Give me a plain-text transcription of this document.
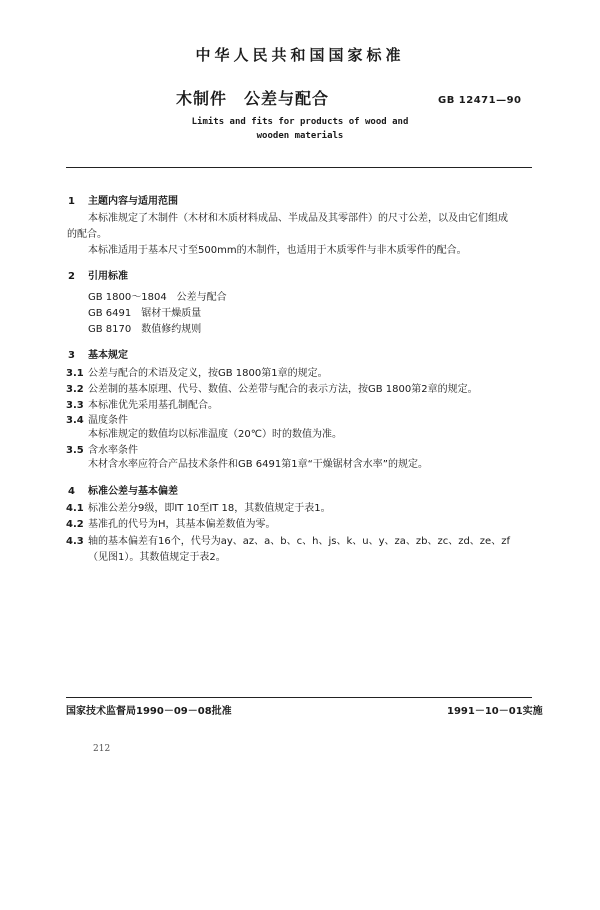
中华人民共和国国家标准
木制件　公差与配合	GB 12471—90
Limits and fits for products of wood and
wooden materials
1 主题内容与适用范围
本标准规定了木制件（木材和木质材料成品、半成品及其零部件）的尺寸公差，以及由它们组成
的配合。
本标准适用于基本尺寸至500mm的木制件，也适用于木质零件与非木质零件的配合。
2 引用标准
GB 1800～1804　公差与配合
GB 6491　锯材干燥质量
GB 8170　数值修约规则
3 基本规定
3.1 公差与配合的术语及定义，按GB 1800第1章的规定。
3.2 公差制的基本原理、代号、数值、公差带与配合的表示方法，按GB 1800第2章的规定。
3.3 本标准优先采用基孔制配合。
3.4 温度条件
本标准规定的数值均以标准温度（20℃）时的数值为准。
3.5 含水率条件
木材含水率应符合产品技术条件和GB 6491第1章“干燥锯材含水率”的规定。
4 标准公差与基本偏差
4.1 标准公差分9级，即IT 10至IT 18，其数值规定于表1。
4.2 基准孔的代号为H，其基本偏差数值为零。
4.3 轴的基本偏差有16个，代号为ay、az、a、b、c、h、js、k、u、y、za、zb、zc、zd、ze、zf
（见图1）。其数值规定于表2。
国家技术监督局1990－09－08批准	1991－10－01实施
212
